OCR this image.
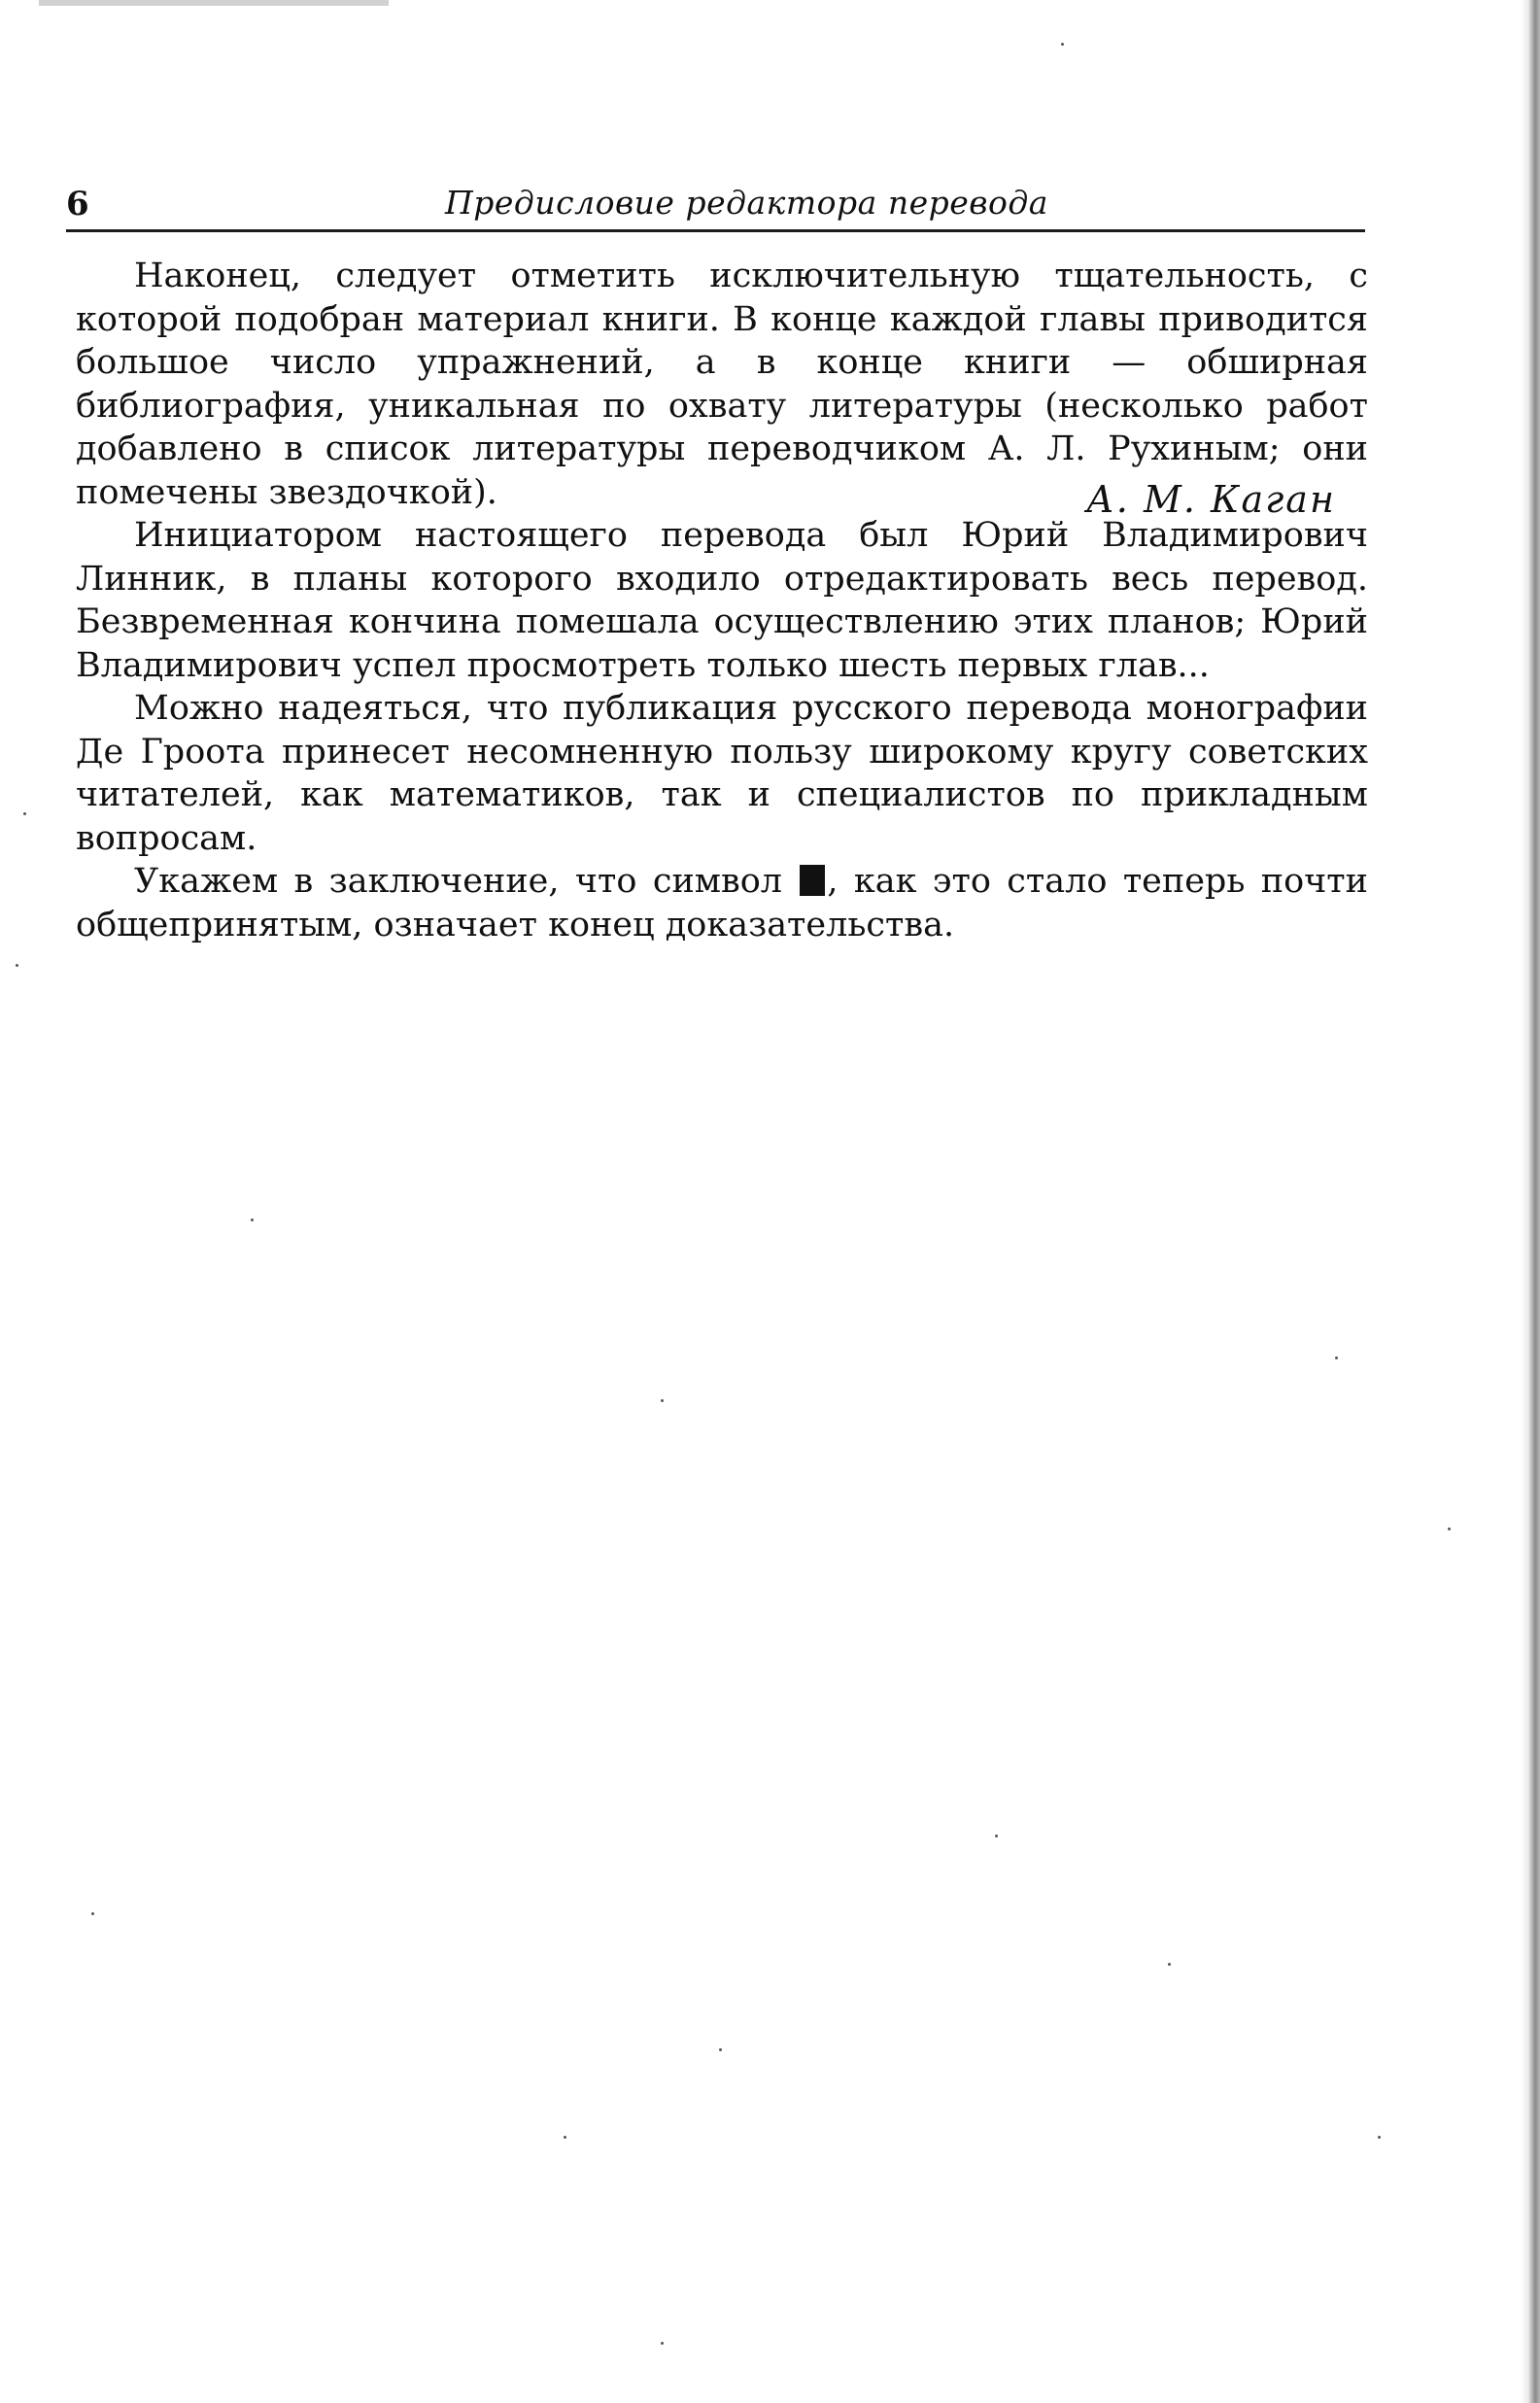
6	Предисловие редактора перевода

Наконец, следует отметить исключительную тщательность, с которой подобран материал книги. В конце каждой главы приводится большое число упражнений, а в конце книги — обширная библиография, уникальная по охвату литературы (несколько работ добавлено в список литературы переводчиком А. Л. Рухиным; они помечены звездочкой).

Инициатором настоящего перевода был Юрий Владимирович Линник, в планы которого входило отредактировать весь перевод. Безвременная кончина помешала осуществлению этих планов; Юрий Владимирович успел просмотреть только шесть первых глав...

Можно надеяться, что публикация русского перевода монографии Де Гроота принесет несомненную пользу широкому кругу советских читателей, как математиков, так и специалистов по прикладным вопросам.

Укажем в заключение, что символ , как это стало теперь почти общепринятым, означает конец доказательства.

А. М. Каган
